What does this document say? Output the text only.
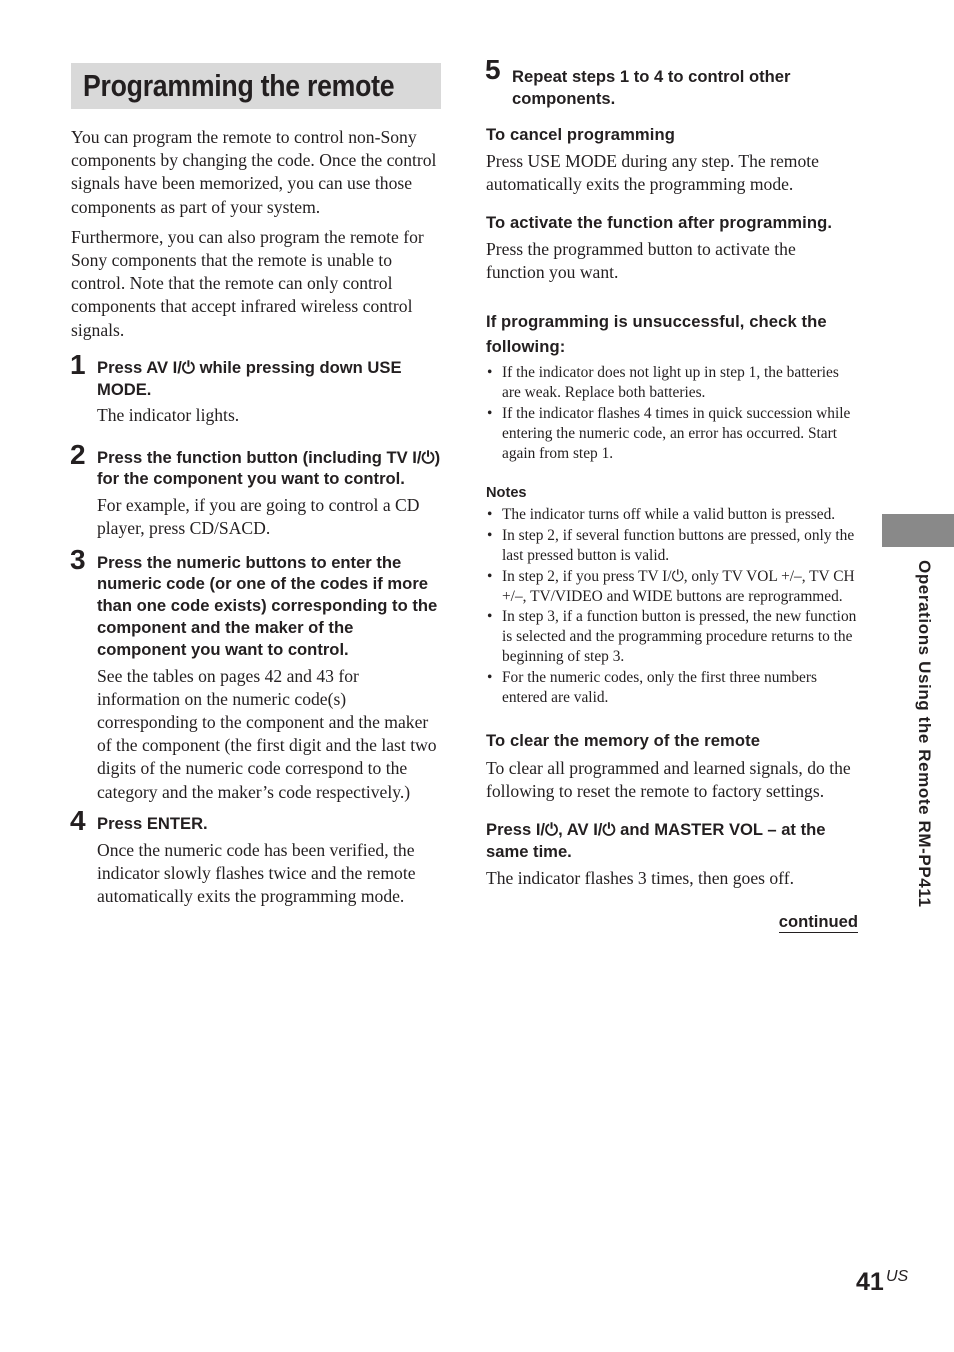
Programming the remote

You can program the remote to control non-Sony components by changing the code. Once the control signals have been memorized, you can use those components as part of your system.

Furthermore, you can also program the remote for Sony components that the remote is unable to control. Note that the remote can only control components that accept infrared wireless control signals.

1 Press AV I/⏻ while pressing down USE MODE.

The indicator lights.

2 Press the function button (including TV I/⏻) for the component you want to control.

For example, if you are going to control a CD player, press CD/SACD.

3 Press the numeric buttons to enter the numeric code (or one of the codes if more than one code exists) corresponding to the component and the maker of the component you want to control.

See the tables on pages 42 and 43 for information on the numeric code(s) corresponding to the component and the maker of the component (the first digit and the last two digits of the numeric code correspond to the category and the maker’s code respectively.)

4 Press ENTER.

Once the numeric code has been verified, the indicator slowly flashes twice and the remote automatically exits the programming mode.

5 Repeat steps 1 to 4 to control other components.

To cancel programming

Press USE MODE during any step. The remote automatically exits the programming mode.

To activate the function after programming.

Press the programmed button to activate the function you want.

If programming is unsuccessful, check the following:

• If the indicator does not light up in step 1, the batteries are weak. Replace both batteries.
• If the indicator flashes 4 times in quick succession while entering the numeric code, an error has occurred. Start again from step 1.

Notes

• The indicator turns off while a valid button is pressed.
• In step 2, if several function buttons are pressed, only the last pressed button is valid.
• In step 2, if you press TV I/⏻, only TV VOL +/–, TV CH +/–, TV/VIDEO and WIDE buttons are reprogrammed.
• In step 3, if a function button is pressed, the new function is selected and the programming procedure returns to the beginning of step 3.
• For the numeric codes, only the first three numbers entered are valid.

To clear the memory of the remote

To clear all programmed and learned signals, do the following to reset the remote to factory settings.

Press I/⏻, AV I/⏻ and MASTER VOL – at the same time.

The indicator flashes 3 times, then goes off.

continued
Operations Using the Remote RM-PP411
41 US
